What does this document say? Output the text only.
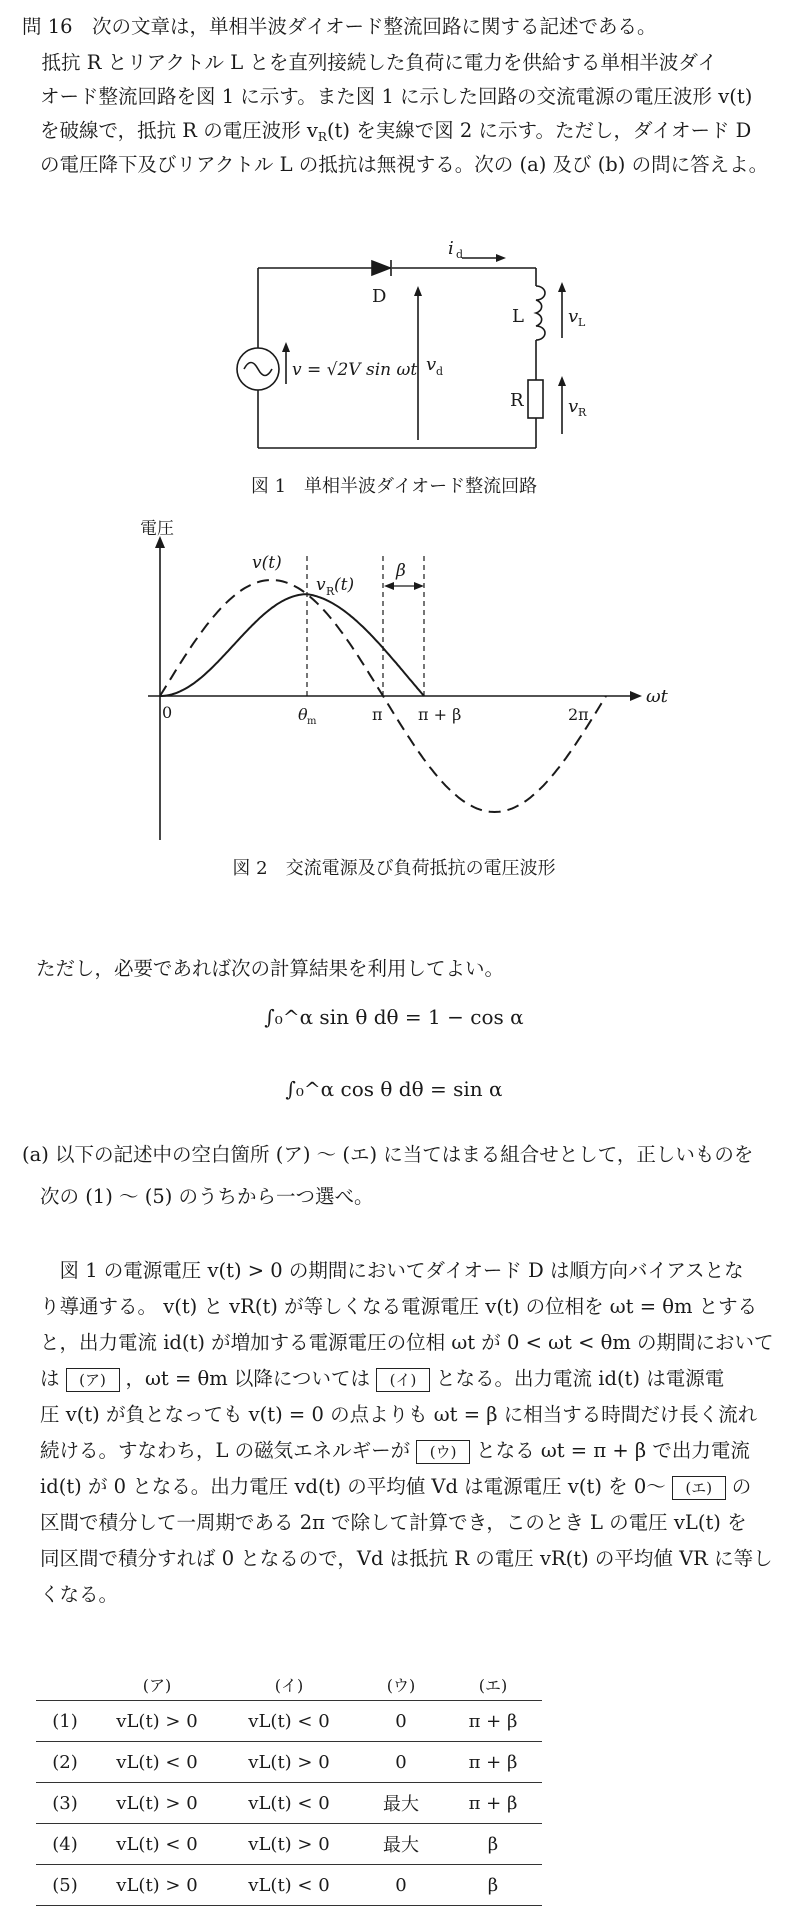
問 16　次の文章は，単相半波ダイオード整流回路に関する記述である。
　抵抗 R とリアクトル L とを直列接続した負荷に電力を供給する単相半波ダイ
オード整流回路を図 1 に示す。また図 1 に示した回路の交流電源の電圧波形 v(t)
を破線で，抵抗 R の電圧波形 $v_R(t)$ を実線で図 2 に示す。ただし，ダイオード D
の電圧降下及びリアクトル L の抵抗は無視する。次の (a) 及び (b) の問に答えよ。
D
L
R
i d
v d
v L
v R
v = √2V sin ωt
図 1　単相半波ダイオード整流回路
電圧
ωt
v(t)
v R (t)
β
0	θ m	π π + β	2π
図 2　交流電源及び負荷抵抗の電圧波形
ただし，必要であれば次の計算結果を利用してよい。
∫₀^α sin θ dθ = 1 − cos α
∫₀^α cos θ dθ = sin α
(a) 以下の記述中の空白箇所 (ア) ～ (エ) に当てはまる組合せとして，正しいものを
次の (1) ～ (5) のうちから一つ選べ。
　図 1 の電源電圧 v(t) > 0 の期間においてダイオード D は順方向バイアスとな
り導通する。 v(t) と vR(t) が等しくなる電源電圧 v(t) の位相を ωt = θm とする
と，出力電流 id(t) が増加する電源電圧の位相 ωt が 0 < ωt < θm の期間において
は (ア) ，ωt = θm 以降については (イ) となる。出力電流 id(t) は電源電
圧 v(t) が負となっても v(t) = 0 の点よりも ωt = β に相当する時間だけ長く流れ
続ける。すなわち，L の磁気エネルギーが (ウ) となる ωt = π + β で出力電流
id(t) が 0 となる。出力電圧 vd(t) の平均値 Vd は電源電圧 v(t) を 0～ (エ) の
区間で積分して一周期である 2π で除して計算でき，このとき L の電圧 vL(t) を
同区間で積分すれば 0 となるので，Vd は抵抗 R の電圧 vR(t) の平均値 VR に等し
くなる。
	(ア)	(イ)	(ウ)	(エ)
(1)	vL(t) > 0	vL(t) < 0	0	π + β
(2)	vL(t) < 0	vL(t) > 0	0	π + β
(3)	vL(t) > 0	vL(t) < 0	最大	π + β
(4)	vL(t) < 0	vL(t) > 0	最大	β
(5)	vL(t) > 0	vL(t) < 0	0	β
